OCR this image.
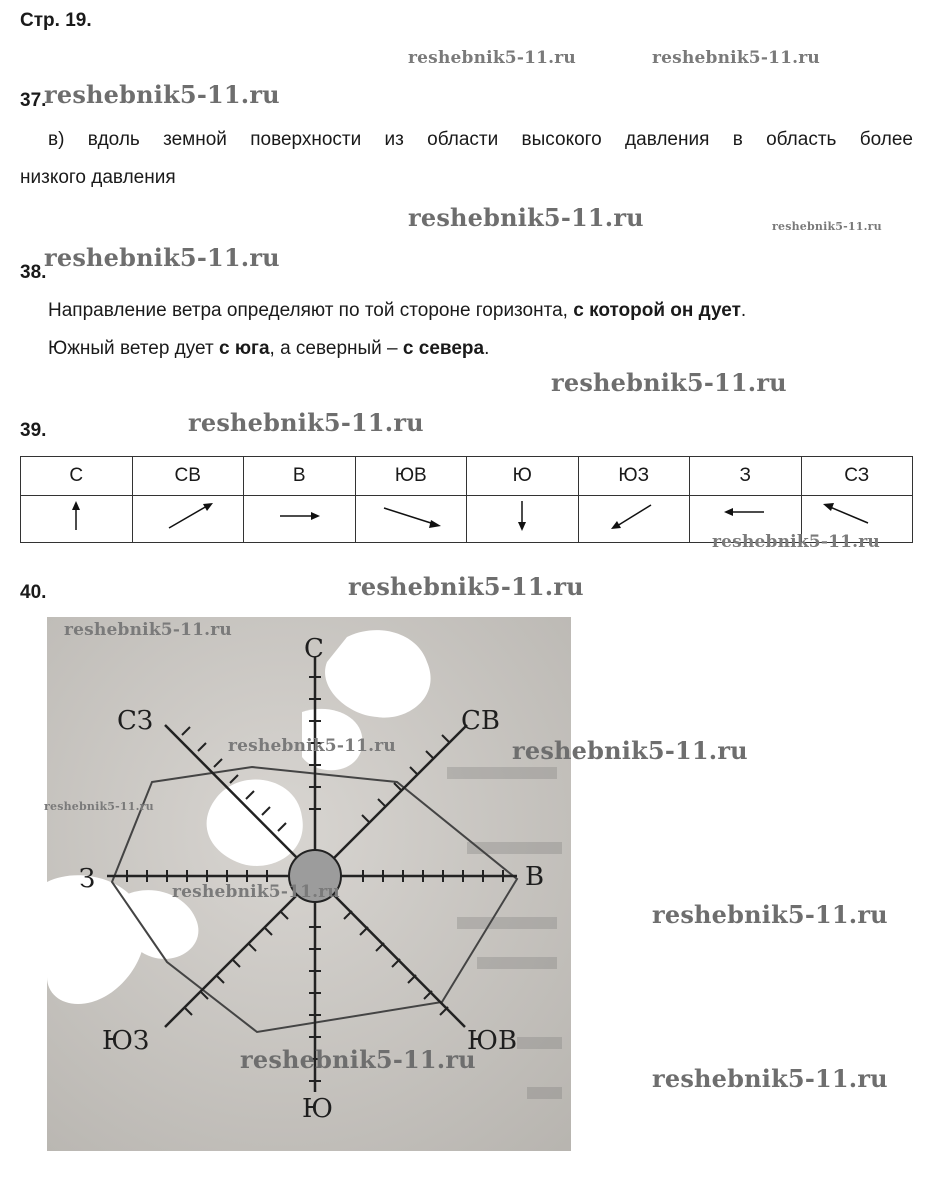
Стр. 19.
reshebnik5-11.ru	reshebnik5-11.ru
37.
reshebnik5-11.ru
в) вдоль земной поверхности из области высокого давления в область более
низкого давления
reshebnik5-11.ru	reshebnik5-11.ru
38.
reshebnik5-11.ru
Направление ветра определяют по той стороне горизонта, с которой он дует.
Южный ветер дует с юга, а северный – с севера.
reshebnik5-11.ru
39.	reshebnik5-11.ru
С	СВ	В	ЮВ	Ю	ЮЗ	З	СЗ

reshebnik5-11.ru
40.	reshebnik5-11.ru
С
СВ
В
ЮВ
Ю
ЮЗ
З
СЗ
reshebnik5-11.ru
reshebnik5-11.ru	reshebnik5-11.ru
reshebnik5-11.ru
reshebnik5-11.ru
reshebnik5-11.ru
reshebnik5-11.ru
reshebnik5-11.ru
